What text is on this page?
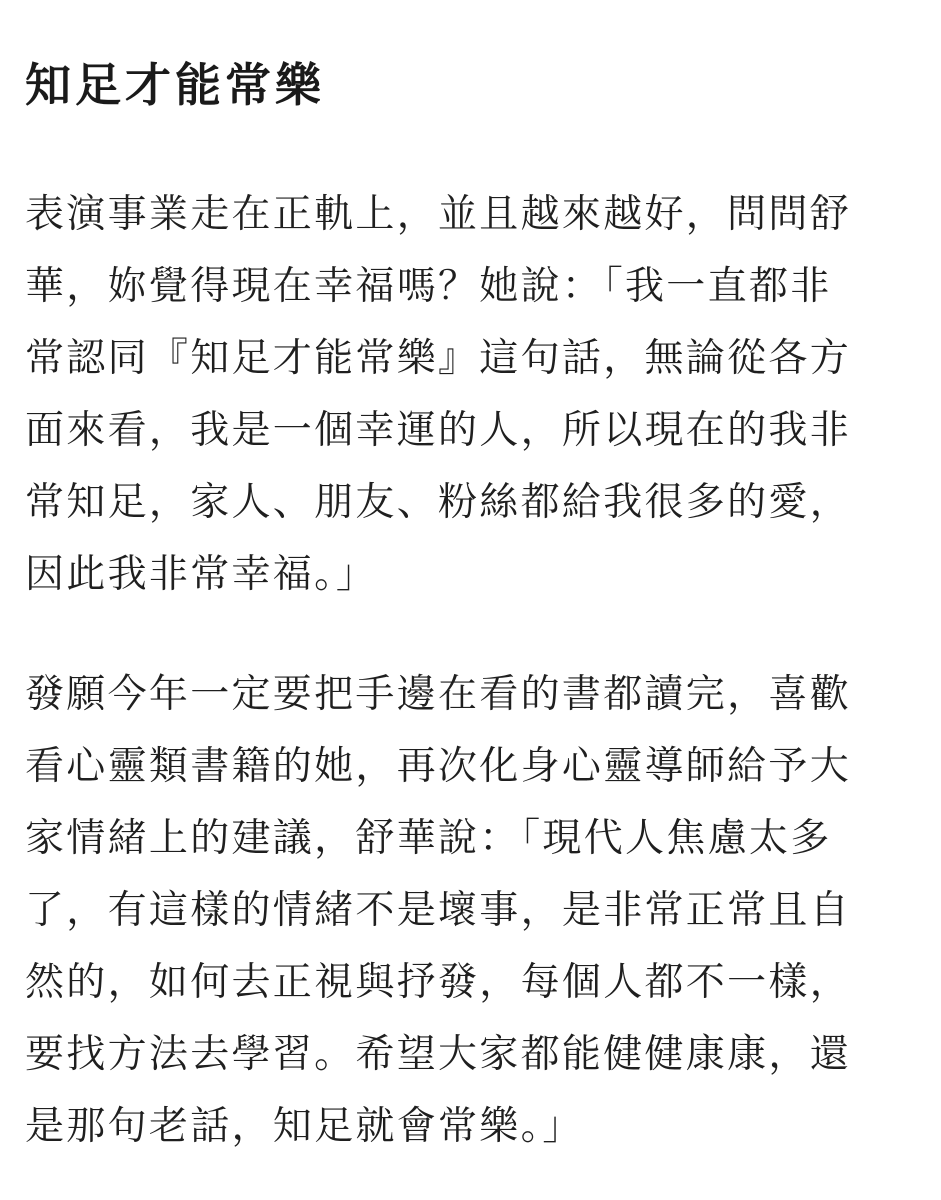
知足才能常樂

表演事業走在正軌上，並且越來越好，問問舒
華，妳覺得現在幸福嗎？她說：「我一直都非
常認同『知足才能常樂』這句話，無論從各方
面來看，我是一個幸運的人，所以現在的我非
常知足，家人、朋友、粉絲都給我很多的愛，
因此我非常幸福。」

發願今年一定要把手邊在看的書都讀完，喜歡
看心靈類書籍的她，再次化身心靈導師給予大
家情緒上的建議，舒華說：「現代人焦慮太多
了，有這樣的情緒不是壞事，是非常正常且自
然的，如何去正視與抒發，每個人都不一樣，
要找方法去學習。希望大家都能健健康康，還
是那句老話，知足就會常樂。」
